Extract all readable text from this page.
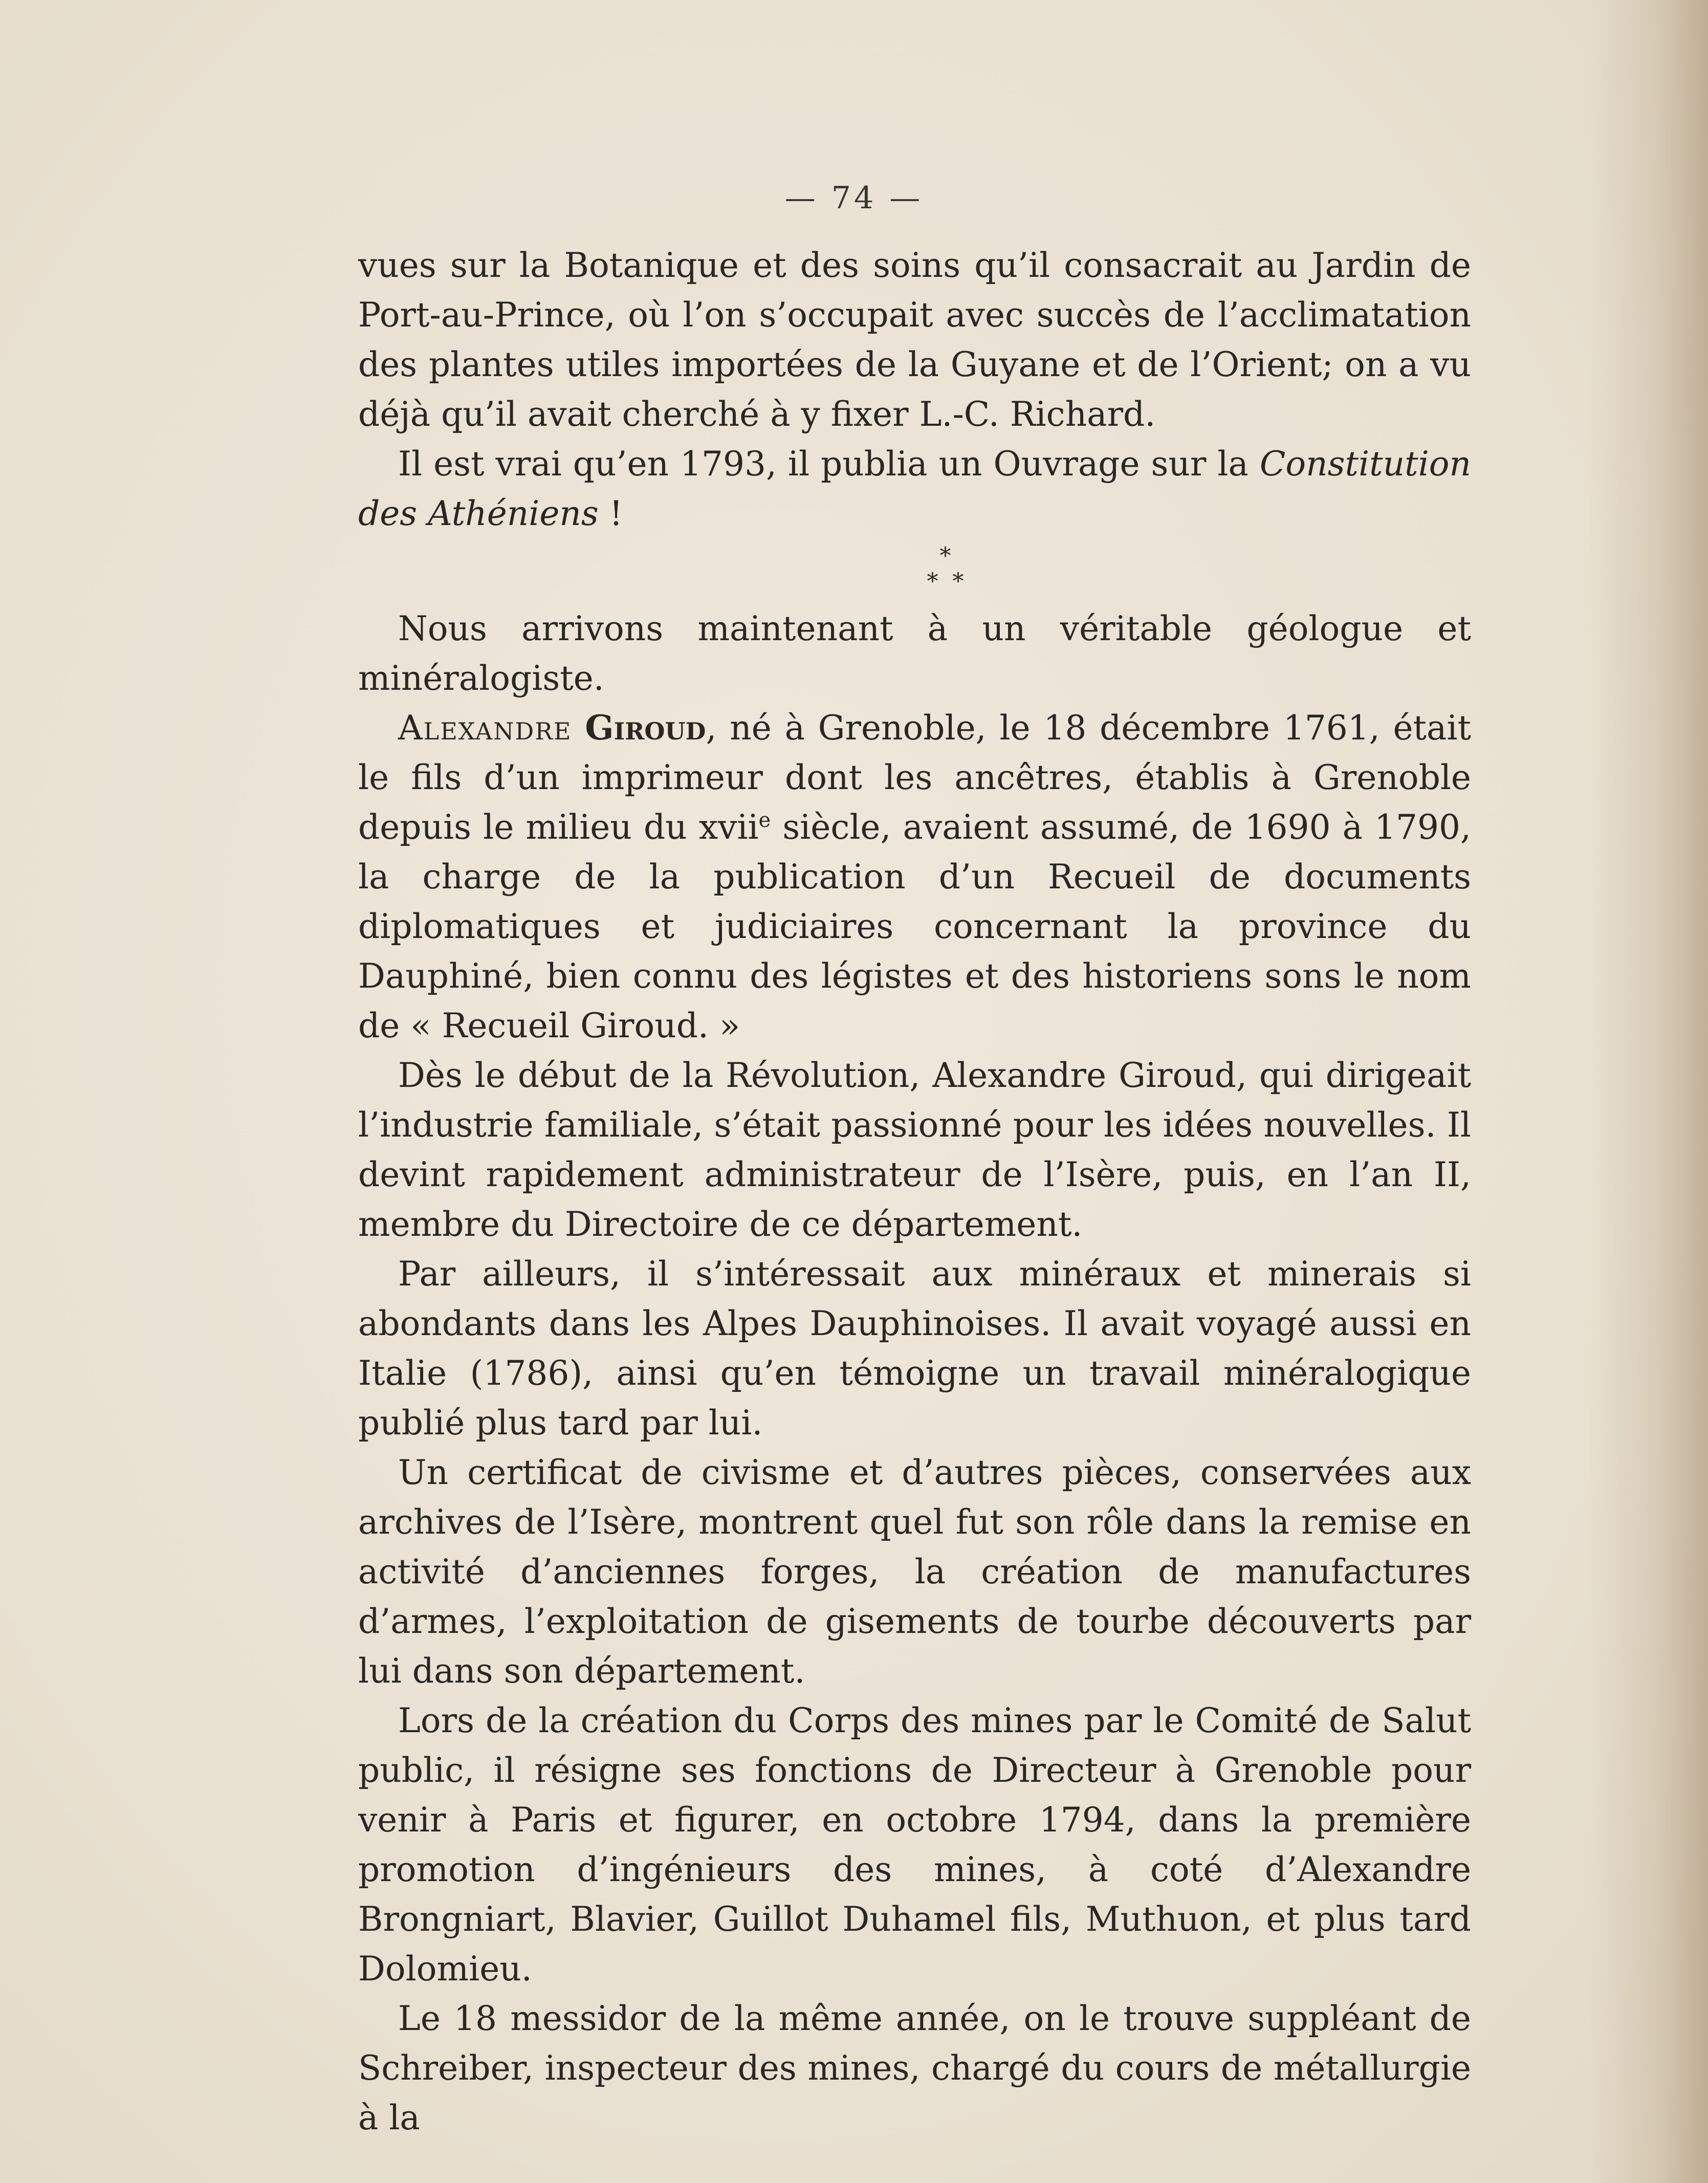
— 74 —

vues sur la Botanique et des soins qu’il consacrait au Jardin de Port-au-Prince, où l’on s’occupait avec succès de l’acclimatation des plantes utiles importées de la Guyane et de l’Orient; on a vu déjà qu’il avait cherché à y fixer L.-C. Richard.

Il est vrai qu’en 1793, il publia un Ouvrage sur la Constitution des Athéniens !

*
*  *

Nous arrivons maintenant à un véritable géologue et minéralogiste.

Alexandre Giroud, né à Grenoble, le 18 décembre 1761, était le fils d’un imprimeur dont les ancêtres, établis à Grenoble depuis le milieu du xvii$^e$ siècle, avaient assumé, de 1690 à 1790, la charge de la publication d’un Recueil de documents diplomatiques et judiciaires concernant la province du Dauphiné, bien connu des légistes et des historiens sons le nom de « Recueil Giroud. »

Dès le début de la Révolution, Alexandre Giroud, qui dirigeait l’industrie familiale, s’était passionné pour les idées nouvelles. Il devint rapidement administrateur de l’Isère, puis, en l’an II, membre du Directoire de ce département.

Par ailleurs, il s’intéressait aux minéraux et minerais si abondants dans les Alpes Dauphinoises. Il avait voyagé aussi en Italie (1786), ainsi qu’en témoigne un travail minéralogique publié plus tard par lui.

Un certificat de civisme et d’autres pièces, conservées aux archives de l’Isère, montrent quel fut son rôle dans la remise en activité d’anciennes forges, la création de manufactures d’armes, l’exploitation de gisements de tourbe découverts par lui dans son département.

Lors de la création du Corps des mines par le Comité de Salut public, il résigne ses fonctions de Directeur à Grenoble pour venir à Paris et figurer, en octobre 1794, dans la première promotion d’ingénieurs des mines, à coté d’Alexandre Brongniart, Blavier, Guillot Duhamel fils, Muthuon, et plus tard Dolomieu.

Le 18 messidor de la même année, on le trouve suppléant de Schreiber, inspecteur des mines, chargé du cours de métallurgie à la
